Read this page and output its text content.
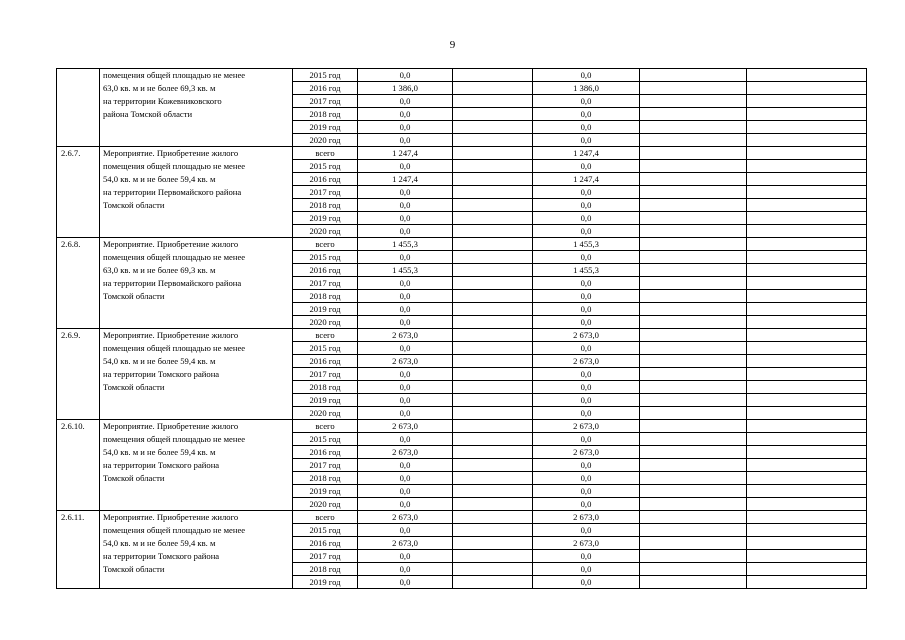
9

	помещения общей площадью не менее
63,0 кв. м и не более 69,3 кв. м
на территории Кожевниковского
района Томской области	2015 год	0,0		0,0		
		2016 год	1 386,0		1 386,0		
		2017 год	0,0		0,0		
		2018 год	0,0		0,0		
		2019 год	0,0		0,0		
		2020 год	0,0		0,0		
2.6.7.	Мероприятие. Приобретение жилого
помещения общей площадью не менее
54,0 кв. м и не более 59,4 кв. м
на территории Первомайского района
Томской области	всего	1 247,4		1 247,4		
		2015 год	0,0		0,0		
		2016 год	1 247,4		1 247,4		
		2017 год	0,0		0,0		
		2018 год	0,0		0,0		
		2019 год	0,0		0,0		
		2020 год	0,0		0,0		
2.6.8.	Мероприятие. Приобретение жилого
помещения общей площадью не менее
63,0 кв. м и не более 69,3 кв. м
на территории Первомайского района
Томской области	всего	1 455,3		1 455,3		
		2015 год	0,0		0,0		
		2016 год	1 455,3		1 455,3		
		2017 год	0,0		0,0		
		2018 год	0,0		0,0		
		2019 год	0,0		0,0		
		2020 год	0,0		0,0		
2.6.9.	Мероприятие. Приобретение жилого
помещения общей площадью не менее
54,0 кв. м и не более 59,4 кв. м
на территории Томского района
Томской области	всего	2 673,0		2 673,0		
		2015 год	0,0		0,0		
		2016 год	2 673,0		2 673,0		
		2017 год	0,0		0,0		
		2018 год	0,0		0,0		
		2019 год	0,0		0,0		
		2020 год	0,0		0,0		
2.6.10.	Мероприятие. Приобретение жилого
помещения общей площадью не менее
54,0 кв. м и не более 59,4 кв. м
на территории Томского района
Томской области	всего	2 673,0		2 673,0		
		2015 год	0,0		0,0		
		2016 год	2 673,0		2 673,0		
		2017 год	0,0		0,0		
		2018 год	0,0		0,0		
		2019 год	0,0		0,0		
		2020 год	0,0		0,0		
2.6.11.	Мероприятие. Приобретение жилого
помещения общей площадью не менее
54,0 кв. м и не более 59,4 кв. м
на территории Томского района
Томской области	всего	2 673,0		2 673,0		
		2015 год	0,0		0,0		
		2016 год	2 673,0		2 673,0		
		2017 год	0,0		0,0		
		2018 год	0,0		0,0		
		2019 год	0,0		0,0		
